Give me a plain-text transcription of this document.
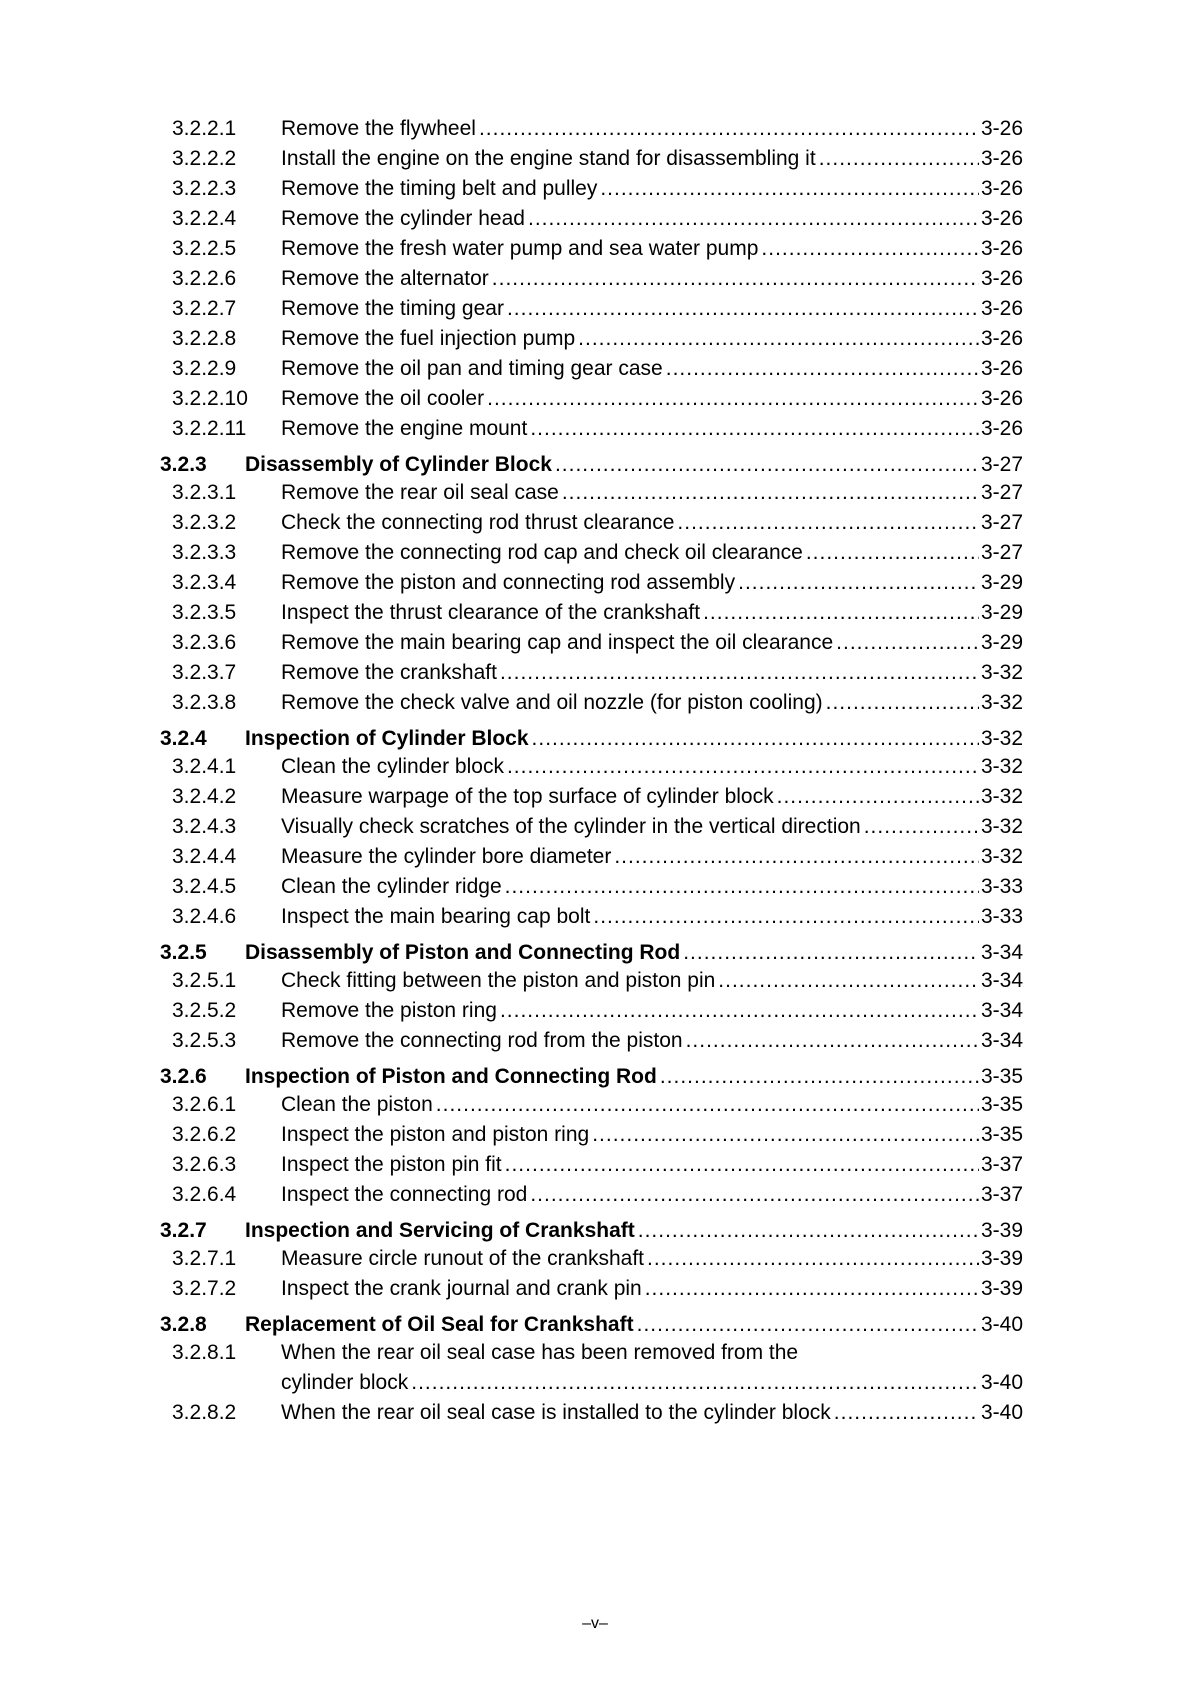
3.2.2.1 Remove the flywheel .....	3-26
3.2.2.2 Install the engine on the engine stand for disassembling it .....	3-26
3.2.2.3 Remove the timing belt and pulley .....	3-26
3.2.2.4 Remove the cylinder head .....	3-26
3.2.2.5 Remove the fresh water pump and sea water pump .....	3-26
3.2.2.6 Remove the alternator .....	3-26
3.2.2.7 Remove the timing gear .....	3-26
3.2.2.8 Remove the fuel injection pump .....	3-26
3.2.2.9 Remove the oil pan and timing gear case .....	3-26
3.2.2.10 Remove the oil cooler .....	3-26
3.2.2.11 Remove the engine mount .....	3-26
3.2.3 Disassembly of Cylinder Block .....	3-27
3.2.3.1 Remove the rear oil seal case .....	3-27
3.2.3.2 Check the connecting rod thrust clearance .....	3-27
3.2.3.3 Remove the connecting rod cap and check oil clearance .....	3-27
3.2.3.4 Remove the piston and connecting rod assembly .....	3-29
3.2.3.5 Inspect the thrust clearance of the crankshaft .....	3-29
3.2.3.6 Remove the main bearing cap and inspect the oil clearance .....	3-29
3.2.3.7 Remove the crankshaft .....	3-32
3.2.3.8 Remove the check valve and oil nozzle (for piston cooling) .....	3-32
3.2.4 Inspection of Cylinder Block .....	3-32
3.2.4.1 Clean the cylinder block .....	3-32
3.2.4.2 Measure warpage of the top surface of cylinder block .....	3-32
3.2.4.3 Visually check scratches of the cylinder in the vertical direction .....	3-32
3.2.4.4 Measure the cylinder bore diameter .....	3-32
3.2.4.5 Clean the cylinder ridge .....	3-33
3.2.4.6 Inspect the main bearing cap bolt .....	3-33
3.2.5 Disassembly of Piston and Connecting Rod .....	3-34
3.2.5.1 Check fitting between the piston and piston pin .....	3-34
3.2.5.2 Remove the piston ring .....	3-34
3.2.5.3 Remove the connecting rod from the piston .....	3-34
3.2.6 Inspection of Piston and Connecting Rod .....	3-35
3.2.6.1 Clean the piston .....	3-35
3.2.6.2 Inspect the piston and piston ring .....	3-35
3.2.6.3 Inspect the piston pin fit .....	3-37
3.2.6.4 Inspect the connecting rod .....	3-37
3.2.7 Inspection and Servicing of Crankshaft .....	3-39
3.2.7.1 Measure circle runout of the crankshaft .....	3-39
3.2.7.2 Inspect the crank journal and crank pin .....	3-39
3.2.8 Replacement of Oil Seal for Crankshaft .....	3-40
3.2.8.1 When the rear oil seal case has been removed from the
cylinder block .....	3-40
3.2.8.2 When the rear oil seal case is installed to the cylinder block .....	3-40
–v–
